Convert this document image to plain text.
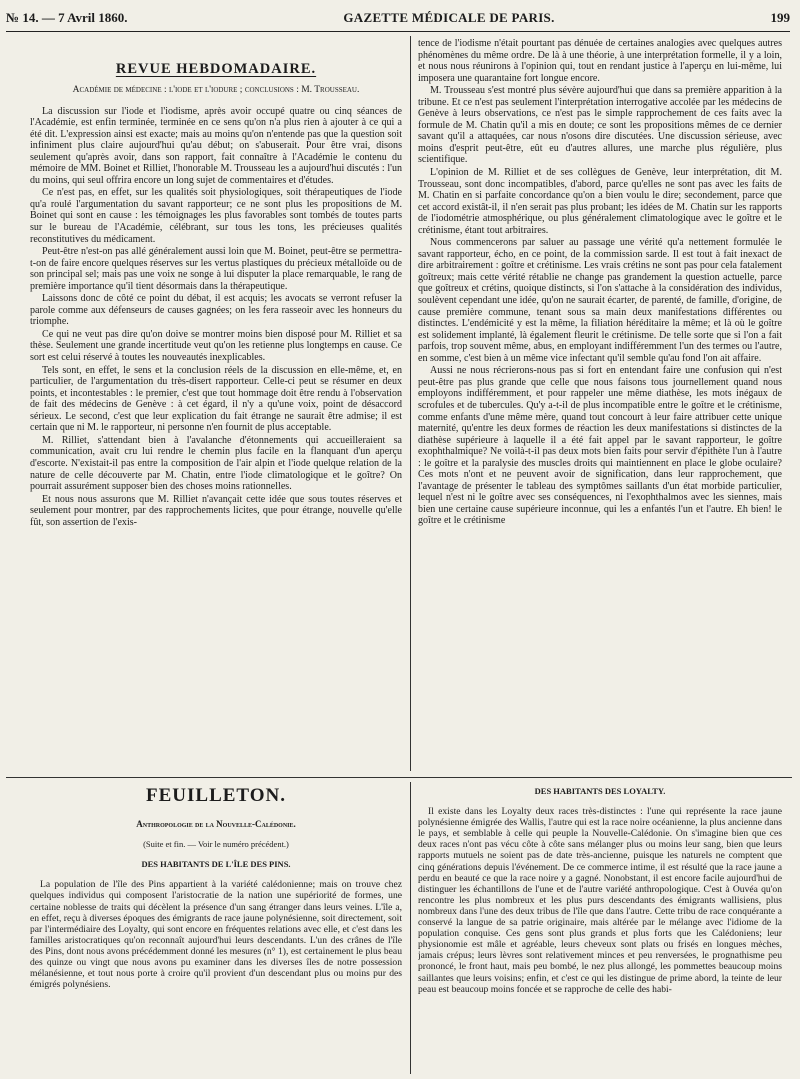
№ 14. — 7 Avril 1860.	GAZETTE MÉDICALE DE PARIS.	199
REVUE HEBDOMADAIRE.
Académie de médecine : l'iode et l'iodure ; conclusions : M. Trousseau.

La discussion sur l'iode et l'iodisme, après avoir occupé quatre ou cinq séances de l'Académie, est enfin terminée, terminée en ce sens qu'on n'a plus rien à ajouter à ce qui a été dit. L'expression ainsi est exacte; mais au moins qu'on n'entende pas que la question soit infiniment plus claire aujourd'hui qu'au début; on s'abuserait. Pour être vrai, disons seulement qu'après avoir, dans son rapport, fait connaître à l'Académie le contenu du mémoire de MM. Boinet et Rilliet, l'honorable M. Trousseau les a aujourd'hui discutés : l'un du moins, qui seul offrira encore un long sujet de commentaires et d'études.

Ce n'est pas, en effet, sur les qualités soit physiologiques, soit thérapeutiques de l'iode qu'a roulé l'argumentation du savant rapporteur; ce ne sont plus les propositions de M. Boinet qui sont en cause : les témoignages les plus favorables sont tombés de toutes parts sur le bureau de l'Académie, célébrant, sur tous les tons, les précieuses qualités reconstitutives du médicament.

Peut-être n'est-on pas allé généralement aussi loin que M. Boinet, peut-être se permettra-t-on de faire encore quelques réserves sur les vertus plastiques du précieux métalloïde ou de son principal sel; mais pas une voix ne songe à lui disputer la place remarquable, le rang de première importance qu'il tient désormais dans la thérapeutique.

Laissons donc de côté ce point du débat, il est acquis; les avocats se verront refuser la parole comme aux défenseurs de causes gagnées; on les fera rasseoir avec les honneurs du triomphe.

Ce qui ne veut pas dire qu'on doive se montrer moins bien disposé pour M. Rilliet et sa thèse. Seulement une grande incertitude veut qu'on les retienne plus longtemps en cause. Ce sort est celui réservé à toutes les nouveautés inexplicables.

Tels sont, en effet, le sens et la conclusion réels de la discussion en elle-même, et, en particulier, de l'argumentation du très-disert rapporteur. Celle-ci peut se résumer en deux points, et incontestables : le premier, c'est que tout hommage doit être rendu à l'observation de fait des médecins de Genève : à cet égard, il n'y a qu'une voix, point de désaccord sérieux. Le second, c'est que leur explication du fait étrange ne saurait être admise; il est certain que ni M. le rapporteur, ni personne n'en fournit de plus acceptable.

M. Rilliet, s'attendant bien à l'avalanche d'étonnements qui accueilleraient sa communication, avait cru lui rendre le chemin plus facile en la flanquant d'un aperçu d'escorte. N'existait-il pas entre la composition de l'air alpin et l'iode quelque relation de la nature de celle découverte par M. Chatin, entre l'iode climatologique et le goître? On pourrait assurément supposer bien des choses moins rationnelles.

Et nous nous assurons que M. Rilliet n'avançait cette idée que sous toutes réserves et seulement pour montrer, par des rapprochements licites, que pour étrange, nouvelle qu'elle fût, son assertion de l'exis-

tence de l'iodisme n'était pourtant pas dénuée de certaines analogies avec quelques autres phénomènes du même ordre. De là à une théorie, à une interprétation formelle, il y a loin, et nous nous réunirons à l'opinion qui, tout en rendant justice à l'aperçu en lui-même, lui imposera une quarantaine fort longue encore.

M. Trousseau s'est montré plus sévère aujourd'hui que dans sa première apparition à la tribune. Et ce n'est pas seulement l'interprétation interrogative accolée par les médecins de Genève à leurs observations, ce n'est pas le simple rapprochement de ces faits avec la formule de M. Chatin qu'il a mis en doute; ce sont les propositions mêmes de ce dernier savant qu'il a attaquées, car nous n'osons dire discutées. Une discussion sérieuse, avec moins d'esprit peut-être, eût eu d'autres allures, une marche plus régulière, plus scientifique.

L'opinion de M. Rilliet et de ses collègues de Genève, leur interprétation, dit M. Trousseau, sont donc incompatibles, d'abord, parce qu'elles ne sont pas avec les faits de M. Chatin en si parfaite concordance qu'on a bien voulu le dire; secondement, parce que cet accord existât-il, il n'en serait pas plus probant; les idées de M. Chatin sur les rapports de l'iodométrie atmosphérique, ou plus généralement climatologique avec le goître et le crétinisme, étant tout arbitraires.

Nous commencerons par saluer au passage une vérité qu'a nettement formulée le savant rapporteur, écho, en ce point, de la commission sarde. Il est tout à fait inexact de dire arbitrairement : goître et crétinisme. Les vrais crétins ne sont pas pour cela fatalement goîtreux; mais cette vérité rétablie ne change pas grandement la question actuelle, parce que goîtreux et crétins, quoique distincts, si l'on s'attache à la considération des individus, soulèvent cependant une idée, qu'on ne saurait écarter, de parenté, de famille, d'origine, de cause première commune, tenant sous sa main deux manifestations différentes ou distinctes. L'endémicité y est la même, la filiation héréditaire la même; et là où le goître est solidement implanté, là également fleurit le crétinisme. De telle sorte que si l'on a fait parfois, trop souvent même, abus, en employant indifféremment l'un des termes ou l'autre, en somme, c'est bien à un même vice infectant qu'il semble qu'au fond l'on ait affaire.

Aussi ne nous récrierons-nous pas si fort en entendant faire une confusion qui n'est peut-être pas plus grande que celle que nous faisons tous journellement quand nous employons indifféremment, et pour rappeler une même diathèse, les mots inégaux de scrofules et de tubercules. Qu'y a-t-il de plus incompatible entre le goître et le crétinisme, comme enfants d'une même mère, quand tout concourt à leur faire attribuer cette unique maternité, qu'entre les deux formes de réaction les deux manifestations si distinctes de la diathèse supérieure à laquelle il a été fait appel par le savant rapporteur, le goître exophthalmique? Ne voilà-t-il pas deux mots bien faits pour servir d'épithète l'un à l'autre : le goître et la paralysie des muscles droits qui maintiennent en place le globe oculaire? Ces mots n'ont et ne peuvent avoir de signification, dans leur rapprochement, que l'avantage de présenter le tableau des symptômes saillants d'un état morbide particulier, lequel n'est ni le goître avec ses conséquences, ni l'exophthalmos avec les siennes, mais bien une certaine cause supérieure inconnue, qui les a enfantés l'un et l'autre. Eh bien! le goître et le crétinisme

FEUILLETON.
Anthropologie de la Nouvelle-Calédonie.
(Suite et fin. — Voir le numéro précédent.)
DES HABITANTS DE L'ÎLE DES PINS.

La population de l'île des Pins appartient à la variété calédonienne; mais on trouve chez quelques individus qui composent l'aristocratie de la nation une supériorité de formes, une certaine noblesse de traits qui décèlent la présence d'un sang étranger dans leurs veines. L'île a, en effet, reçu à diverses époques des émigrants de race jaune polynésienne, soit directement, soit par l'intermédiaire des Loyalty, qui sont encore en fréquentes relations avec elle, et c'est dans les familles aristocratiques qu'on reconnaît aujourd'hui leurs descendants. L'un des crânes de l'île des Pins, dont nous avons précédemment donné les mesures (n° 1), est certainement le plus beau des quinze ou vingt que nous avons pu examiner dans les diverses îles de notre possession mélanésienne, et tout nous porte à croire qu'il provient d'un descendant plus ou moins pur des émigrés polynésiens.

DES HABITANTS DES LOYALTY.

Il existe dans les Loyalty deux races très-distinctes : l'une qui représente la race jaune polynésienne émigrée des Wallis, l'autre qui est la race noire océanienne, la plus ancienne dans le pays, et semblable à celle qui peuple la Nouvelle-Calédonie. On s'imagine bien que ces deux races n'ont pas vécu côte à côte sans mélanger plus ou moins leur sang, bien que leurs rapports mutuels ne soient pas de date très-ancienne, puisque les naturels ne comptent que cinq générations depuis l'événement. De ce commerce intime, il est résulté que la race jaune a perdu en beauté ce que la race noire y a gagné. Nonobstant, il est encore facile aujourd'hui de distinguer les échantillons de l'une et de l'autre variété anthropologique. C'est à Ouvéa qu'on rencontre les plus nombreux et les plus purs descendants des émigrants wallisiens, plus nombreux dans l'une des deux tribus de l'île que dans l'autre. Cette tribu de race conquérante a conservé la langue de sa patrie originaire, mais altérée par le mélange avec l'idiome de la population conquise. Ces gens sont plus grands et plus forts que les Calédoniens; leur physionomie est mâle et agréable, leurs cheveux sont plats ou frisés en longues mèches, jamais crépus; leurs lèvres sont relativement minces et peu renversées, le prognathisme peu prononcé, le front haut, mais peu bombé, le nez plus allongé, les pommettes beaucoup moins saillantes que leurs voisins; enfin, et c'est ce qui les distingue de prime abord, la teinte de leur peau est beaucoup moins foncée et se rapproche de celle des habi-
